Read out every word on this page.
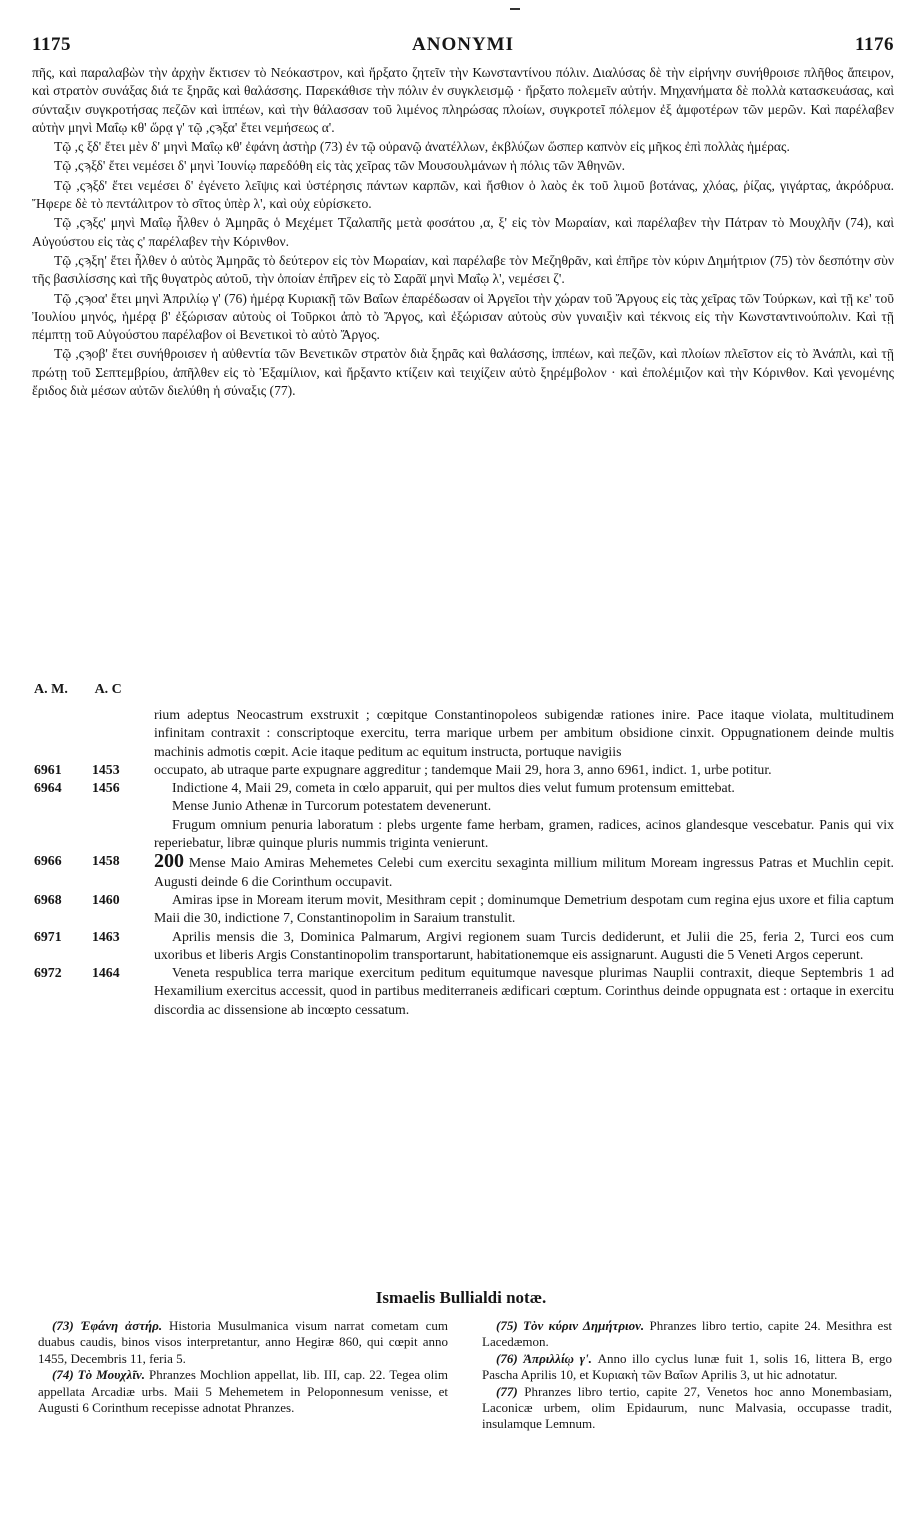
1175	ANONYMI	1176

πῆς, καὶ παραλαβὼν τὴν ἀρχὴν ἔκτισεν τὸ Νεόκαστρον, καὶ ἤρξατο ζητεῖν τὴν Κωνσταντίνου πόλιν. Διαλύσας δὲ τὴν εἰρήνην συνήθροισε πλῆθος ἄπειρον, καὶ στρατὸν συνάξας διά τε ξηρᾶς καὶ θαλάσσης. Παρεκάθισε τὴν πόλιν ἐν συγκλεισμῷ · ἤρξατο πολεμεῖν αὐτήν. Μηχανήματα δὲ πολλὰ κατασκευάσας, καὶ σύνταξιν συγκροτήσας πεζῶν καὶ ἱππέων, καὶ τὴν θάλασσαν τοῦ λιμένος πληρώσας πλοίων, συγκροτεῖ πόλεμον ἐξ ἀμφοτέρων τῶν μερῶν. Καὶ παρέλαβεν αὐτὴν μηνὶ Μαΐῳ κθ' ὥρᾳ γ' τῷ ,ςϡξα' ἔτει νεμήσεως α'.

Τῷ ,ς ξδ' ἔτει μὲν δ' μηνὶ Μαΐῳ κθ' ἐφάνη ἀστὴρ (73) ἐν τῷ οὐρανῷ ἀνατέλλων, ἐκβλύζων ὥσπερ καπνὸν εἰς μῆκος ἐπὶ πολλὰς ἡμέρας.

Τῷ ,ςϡξδ' ἔτει νεμέσει δ' μηνὶ Ἰουνίῳ παρεδόθη εἰς τὰς χεῖρας τῶν Μουσουλμάνων ἡ πόλις τῶν Ἀθηνῶν.

Τῷ ,ςϡξδ' ἔτει νεμέσει δ' ἐγένετο λεῖψις καὶ ὑστέρησις πάντων καρπῶν, καὶ ἤσθιον ὁ λαὸς ἐκ τοῦ λιμοῦ βοτάνας, χλόας, ῥίζας, γιγάρτας, ἀκρόδρυα. Ἤφερε δὲ τὸ πεντάλιτρον τὸ σῖτος ὑπὲρ λ', καὶ οὐχ εὑρίσκετο.

Τῷ ,ςϡξς' μηνὶ Μαΐῳ ἦλθεν ὁ Ἀμηρᾶς ὁ Μεχέμετ Τζαλαπῆς μετὰ φοσάτου ,α, ξ' εἰς τὸν Μωραίαν, καὶ παρέλαβεν τὴν Πάτραν τὸ Μουχλῆν (74), καὶ Αὐγούστου εἰς τὰς ς' παρέλαβεν τὴν Κόρινθον.

Τῷ ,ςϡξη' ἔτει ἦλθεν ὁ αὐτὸς Ἀμηρᾶς τὸ δεύτερον εἰς τὸν Μωραίαν, καὶ παρέλαβε τὸν Μεζηθρᾶν, καὶ ἐπῆρε τὸν κύριν Δημήτριον (75) τὸν δεσπότην σὺν τῆς βασιλίσσης καὶ τῆς θυγατρὸς αὐτοῦ, τὴν ὁποίαν ἐπῆρεν εἰς τὸ Σαρᾶϊ μηνὶ Μαΐῳ λ', νεμέσει ζ'.

Τῷ ,ςϡοα' ἔτει μηνὶ Ἀπριλίῳ γ' (76) ἡμέρᾳ Κυριακῇ τῶν Βαΐων ἐπαρέδωσαν οἱ Ἀργεῖοι τὴν χώραν τοῦ Ἄργους εἰς τὰς χεῖρας τῶν Τούρκων, καὶ τῇ κε' τοῦ Ἰουλίου μηνός, ἡμέρᾳ β' ἐξώρισαν αὐτοὺς οἱ Τοῦρκοι ἀπὸ τὸ Ἄργος, καὶ ἐξώρισαν αὐτοὺς σὺν γυναιξὶν καὶ τέκνοις εἰς τὴν Κωνσταντινούπολιν. Καὶ τῇ πέμπτῃ τοῦ Αὐγούστου παρέλαβον οἱ Βενετικοὶ τὸ αὐτὸ Ἄργος.

Τῷ ,ςϡοβ' ἔτει συνήθροισεν ἡ αὐθεντία τῶν Βενετικῶν στρατὸν διὰ ξηρᾶς καὶ θαλάσσης, ἱππέων, καὶ πεζῶν, καὶ πλοίων πλεῖστον εἰς τὸ Ἀνάπλι, καὶ τῇ πρώτῃ τοῦ Σεπτεμβρίου, ἀπῆλθεν εἰς τὸ Ἑξαμίλιον, καὶ ἤρξαντο κτίζειν καὶ τειχίζειν αὐτὸ ξηρέμβολον · καὶ ἐπολέμιζον καὶ τὴν Κόρινθον. Καὶ γενομένης ἔριδος διὰ μέσων αὐτῶν διελύθη ἡ σύναξις (77).

A. M. A. C
rium adeptus Neocastrum exstruxit ; cœpitque Constantinopoleos subigendæ rationes inire. Pace itaque violata, multitudinem infinitam contraxit : conscriptoque exercitu, terra marique urbem per ambitum obsidione cinxit. Oppugnationem deinde multis machinis admotis cœpit. Acie itaque peditum ac equitum instructa, portuque navigiis
6961	1453	occupato, ab utraque parte expugnare aggreditur ; tandemque Maii 29, hora 3, anno 6961, indict. 1, urbe potitur.
6964	1456	Indictione 4, Maii 29, cometa in cœlo apparuit, qui per multos dies velut fumum protensum emittebat.
Mense Junio Athenæ in Turcorum potestatem devenerunt.
Frugum omnium penuria laboratum : plebs urgente fame herbam, gramen, radices, acinos glandesque vescebatur. Panis qui vix reperiebatur, libræ quinque pluris nummis triginta venierunt.
6966	1458	200 Mense Maio Amiras Mehemetes Celebi cum exercitu sexaginta millium militum Moream ingressus Patras et Muchlin cepit. Augusti deinde 6 die Corinthum occupavit.
6968	1460	Amiras ipse in Moream iterum movit, Mesithram cepit ; dominumque Demetrium despotam cum regina ejus uxore et filia captum Maii die 30, indictione 7, Constantinopolim in Saraium transtulit.
6971	1463	Aprilis mensis die 3, Dominica Palmarum, Argivi regionem suam Turcis dediderunt, et Julii die 25, feria 2, Turci eos cum uxoribus et liberis Argis Constantinopolim transportarunt, habitationemque eis assignarunt. Augusti die 5 Veneti Argos ceperunt.
6972	1464	Veneta respublica terra marique exercitum peditum equitumque navesque plurimas Nauplii contraxit, dieque Septembris 1 ad Hexamilium exercitus accessit, quod in partibus mediterraneis ædificari cœptum. Corinthus deinde oppugnata est : ortaque in exercitu discordia ac dissensione ab incœpto cessatum.
Ismaelis Bullialdi notæ.

(73) Ἐφάνη ἀστήρ. Historia Musulmanica visum narrat cometam cum duabus caudis, binos visos interpretantur, anno Hegiræ 860, qui cœpit anno 1455, Decembris 11, feria 5.

(74) Τὸ Μουχλῖν. Phranzes Mochlion appellat, lib. III, cap. 22. Tegea olim appellata Arcadiæ urbs. Maii 5 Mehemetem in Peloponnesum venisse, et Augusti 6 Corinthum recepisse adnotat Phranzes.

(75) Τὸν κύριν Δημήτριον. Phranzes libro tertio, capite 24. Mesithra est Lacedæmon.

(76) Ἀπριλλίῳ γ'. Anno illo cyclus lunæ fuit 1, solis 16, littera B, ergo Pascha Aprilis 10, et Κυριακὴ τῶν Βαΐων Aprilis 3, ut hic adnotatur.

(77) Phranzes libro tertio, capite 27, Venetos hoc anno Monembasiam, Laconicæ urbem, olim Epidaurum, nunc Malvasia, occupasse tradit, insulamque Lemnum.
